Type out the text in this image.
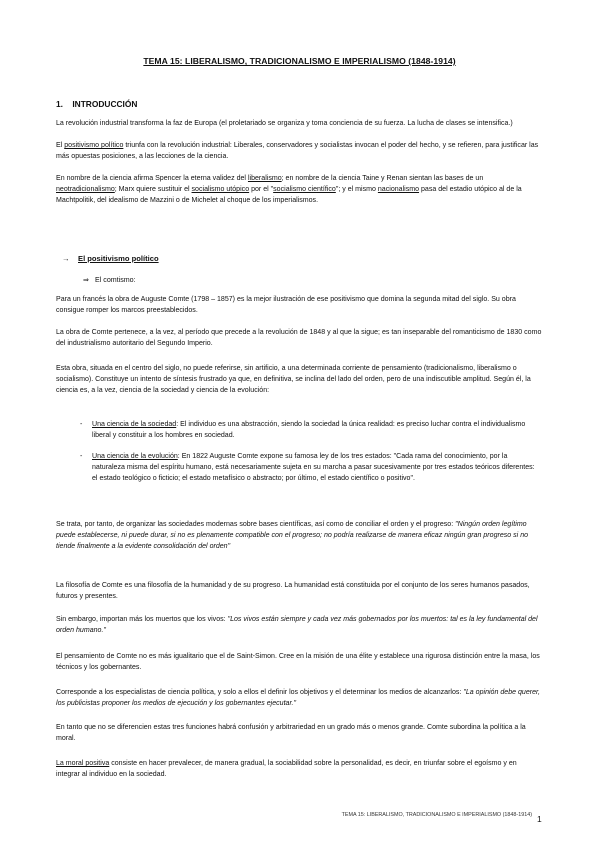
TEMA 15: LIBERALISMO, TRADICIONALISMO E IMPERIALISMO (1848-1914)
1. INTRODUCCIÓN
La revolución industrial transforma la faz de Europa (el proletariado se organiza y toma conciencia de su fuerza. La lucha de clases se intensifica.)
El positivismo político triunfa con la revolución industrial: Liberales, conservadores y socialistas invocan el poder del hecho, y se refieren, para justificar las más opuestas posiciones, a las lecciones de la ciencia.
En nombre de la ciencia afirma Spencer la eterna validez del liberalismo; en nombre de la ciencia Taine y Renan sientan las bases de un neotradicionalismo; Marx quiere sustituir el socialismo utópico por el "socialismo científico"; y el mismo nacionalismo pasa del estadio utópico al de la Machtpolitik, del idealismo de Mazzini o de Michelet al choque de los imperialismos.
→ El positivismo político
⇒ El comtismo:
Para un francés la obra de Auguste Comte (1798 – 1857) es la mejor ilustración de ese positivismo que domina la segunda mitad del siglo. Su obra consigue romper los marcos preestablecidos.
La obra de Comte pertenece, a la vez, al período que precede a la revolución de 1848 y al que la sigue; es tan inseparable del romanticismo de 1830 como del industrialismo autoritario del Segundo Imperio.
Esta obra, situada en el centro del siglo, no puede referirse, sin artificio, a una determinada corriente de pensamiento (tradicionalismo, liberalismo o socialismo). Constituye un intento de síntesis frustrado ya que, en definitiva, se inclina del lado del orden, pero de una indiscutible amplitud. Según él, la ciencia es, a la vez, ciencia de la sociedad y ciencia de la evolución:
- Una ciencia de la sociedad: El individuo es una abstracción, siendo la sociedad la única realidad: es preciso luchar contra el individualismo liberal y constituir a los hombres en sociedad.
- Una ciencia de la evolución: En 1822 Auguste Comte expone su famosa ley de los tres estados: "Cada rama del conocimiento, por la naturaleza misma del espíritu humano, está necesariamente sujeta en su marcha a pasar sucesivamente por tres estados teóricos diferentes: el estado teológico o ficticio; el estado metafísico o abstracto; por último, el estado científico o positivo".
Se trata, por tanto, de organizar las sociedades modernas sobre bases científicas, así como de conciliar el orden y el progreso: "Ningún orden legítimo puede establecerse, ni puede durar, si no es plenamente compatible con el progreso; no podría realizarse de manera eficaz ningún gran progreso si no tiende finalmente a la evidente consolidación del orden"
La filosofía de Comte es una filosofía de la humanidad y de su progreso. La humanidad está constituida por el conjunto de los seres humanos pasados, futuros y presentes.
Sin embargo, importan más los muertos que los vivos: "Los vivos están siempre y cada vez más gobernados por los muertos: tal es la ley fundamental del orden humano."
El pensamiento de Comte no es más igualitario que el de Saint-Simon. Cree en la misión de una élite y establece una rigurosa distinción entre la masa, los técnicos y los gobernantes.
Corresponde a los especialistas de ciencia política, y solo a ellos el definir los objetivos y el determinar los medios de alcanzarlos: "La opinión debe querer, los publicistas proponer los medios de ejecución y los gobernantes ejecutar."
En tanto que no se diferencien estas tres funciones habrá confusión y arbitrariedad en un grado más o menos grande. Comte subordina la política a la moral.
La moral positiva consiste en hacer prevalecer, de manera gradual, la sociabilidad sobre la personalidad, es decir, en triunfar sobre el egoísmo y en integrar al individuo en la sociedad.
TEMA 15: LIBERALISMO, TRADICIONALISMO E IMPERIALISMO (1848-1914) 1
